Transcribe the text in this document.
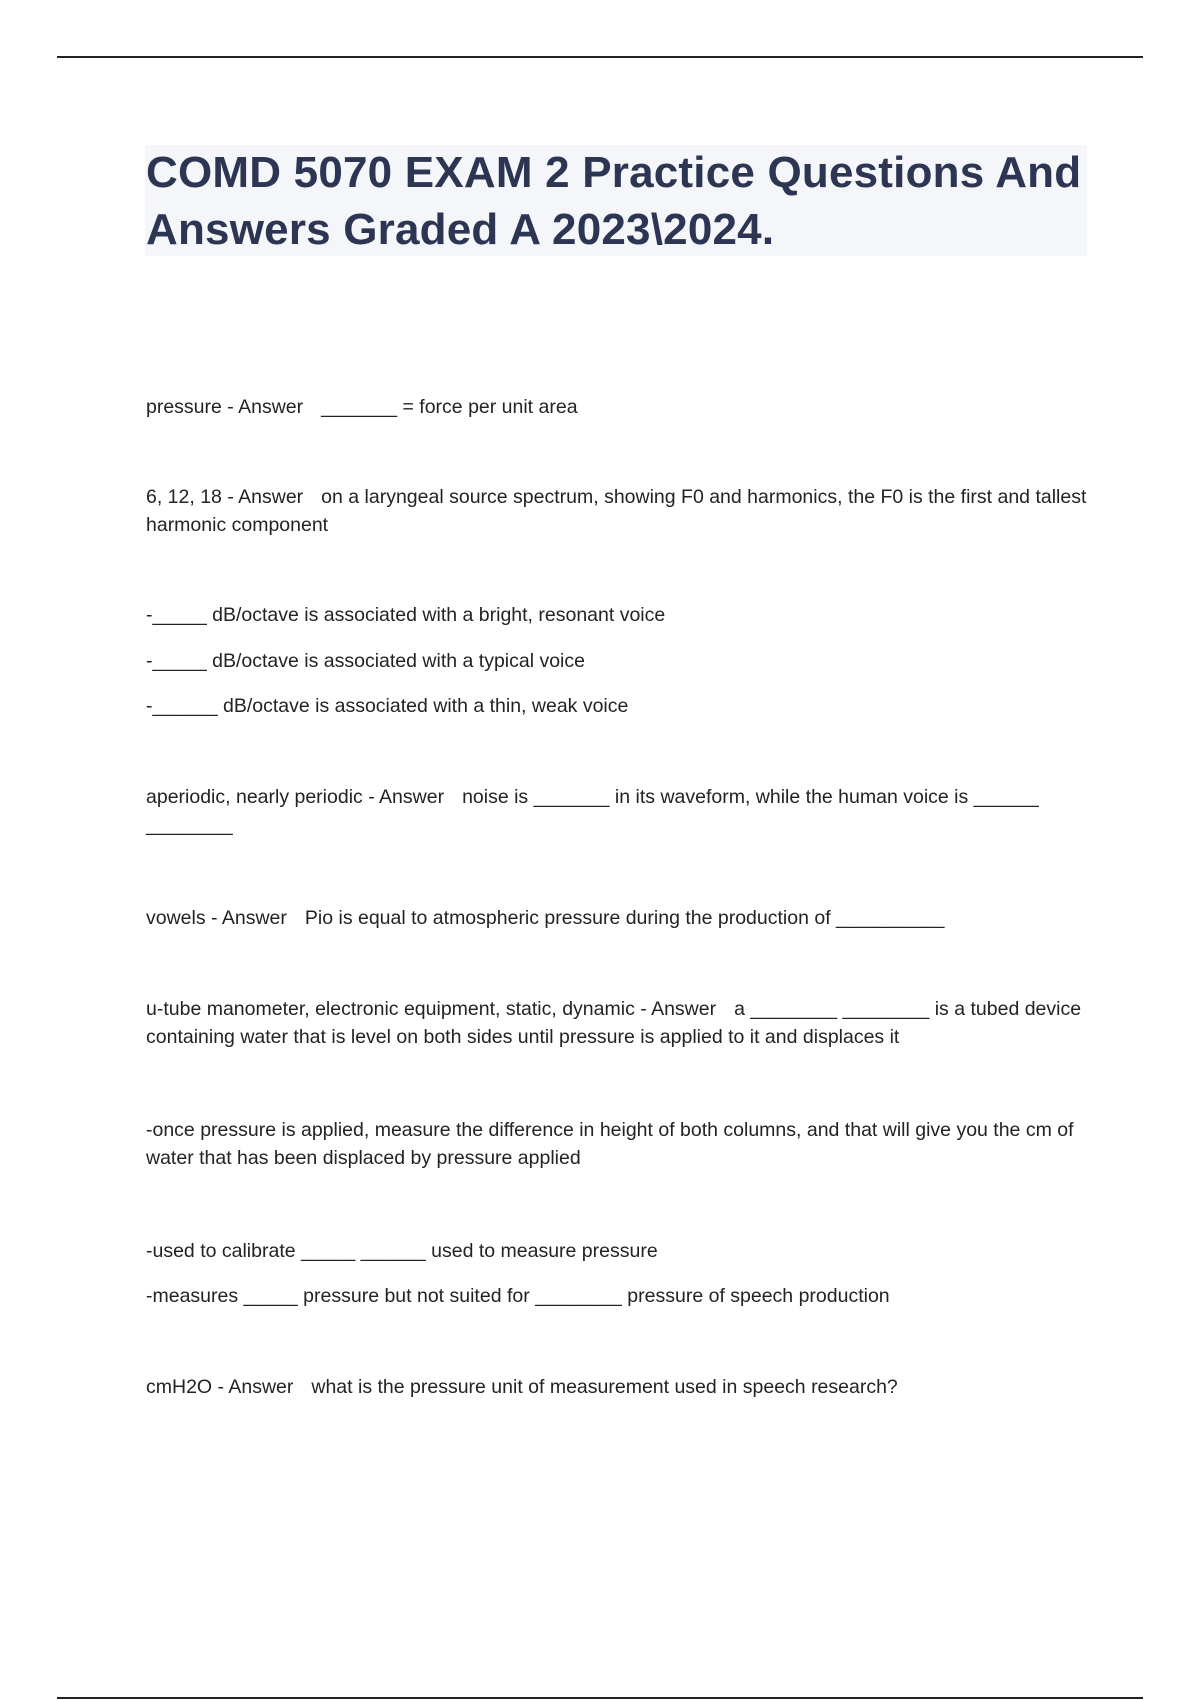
COMD 5070 EXAM 2 Practice Questions And Answers Graded A 2023\2024.

pressure - Answer _______ = force per unit area

6, 12, 18 - Answer on a laryngeal source spectrum, showing F0 and harmonics, the F0 is the first and tallest harmonic component

-_____ dB/octave is associated with a bright, resonant voice

-_____ dB/octave is associated with a typical voice

-______ dB/octave is associated with a thin, weak voice

aperiodic, nearly periodic - Answer noise is _______ in its waveform, while the human voice is ______ ________

vowels - Answer Pio is equal to atmospheric pressure during the production of __________

u-tube manometer, electronic equipment, static, dynamic - Answer a ________ ________ is a tubed device containing water that is level on both sides until pressure is applied to it and displaces it

-once pressure is applied, measure the difference in height of both columns, and that will give you the cm of water that has been displaced by pressure applied

-used to calibrate _____ ______ used to measure pressure

-measures _____ pressure but not suited for ________ pressure of speech production

cmH2O - Answer what is the pressure unit of measurement used in speech research?
